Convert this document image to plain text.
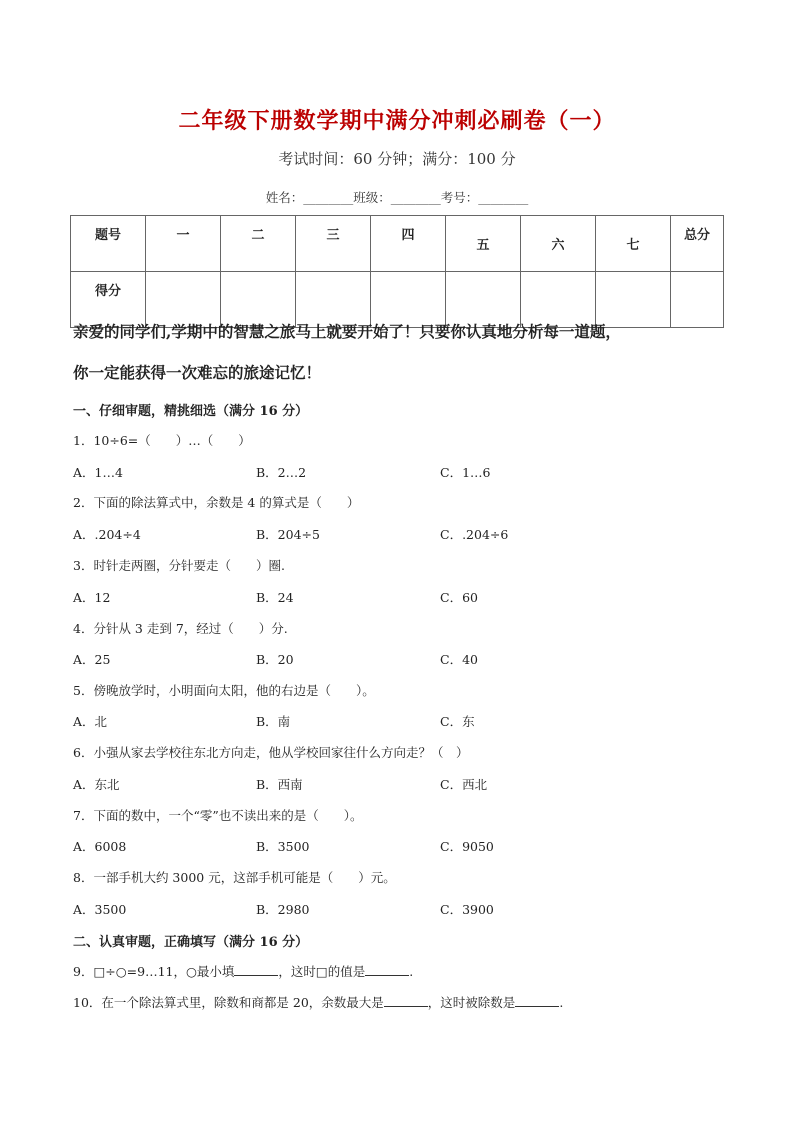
二年级下册数学期中满分冲刺必刷卷（一）
考试时间：60 分钟；满分：100 分
姓名：________班级：________考号：________
题号	一	二	三	四	五	六	七	总分
得分								
亲爱的同学们,学期中的智慧之旅马上就要开始了！只要你认真地分析每一道题，
你一定能获得一次难忘的旅途记忆！
一、仔细审题，精挑细选（满分 16 分）
1．10÷6=（　　）…（　　）
A．1…4	B．2…2	C．1…6
2．下面的除法算式中，余数是 4 的算式是（　　）
A．.204÷4	B．204÷5	C．.204÷6
3．时针走两圈，分针要走（　　）圈.
A．12	B．24	C．60
4．分针从 3 走到 7，经过（　　）分.
A．25	B．20	C．40
5．傍晚放学时，小明面向太阳，他的右边是（　　）。
A．北	B．南	C．东
6．小强从家去学校往东北方向走，他从学校回家往什么方向走？（　）
A．东北	B．西南	C．西北
7．下面的数中，一个“零”也不读出来的是（　　）。
A．6008	B．3500	C．9050
8．一部手机大约 3000 元，这部手机可能是（　　）元。
A．3500	B．2980	C．3900
二、认真审题，正确填写（满分 16 分）
9．□÷○=9…11，○最小填	，这时□的值是	.
10．在一个除法算式里，除数和商都是 20，余数最大是	，这时被除数是	.
